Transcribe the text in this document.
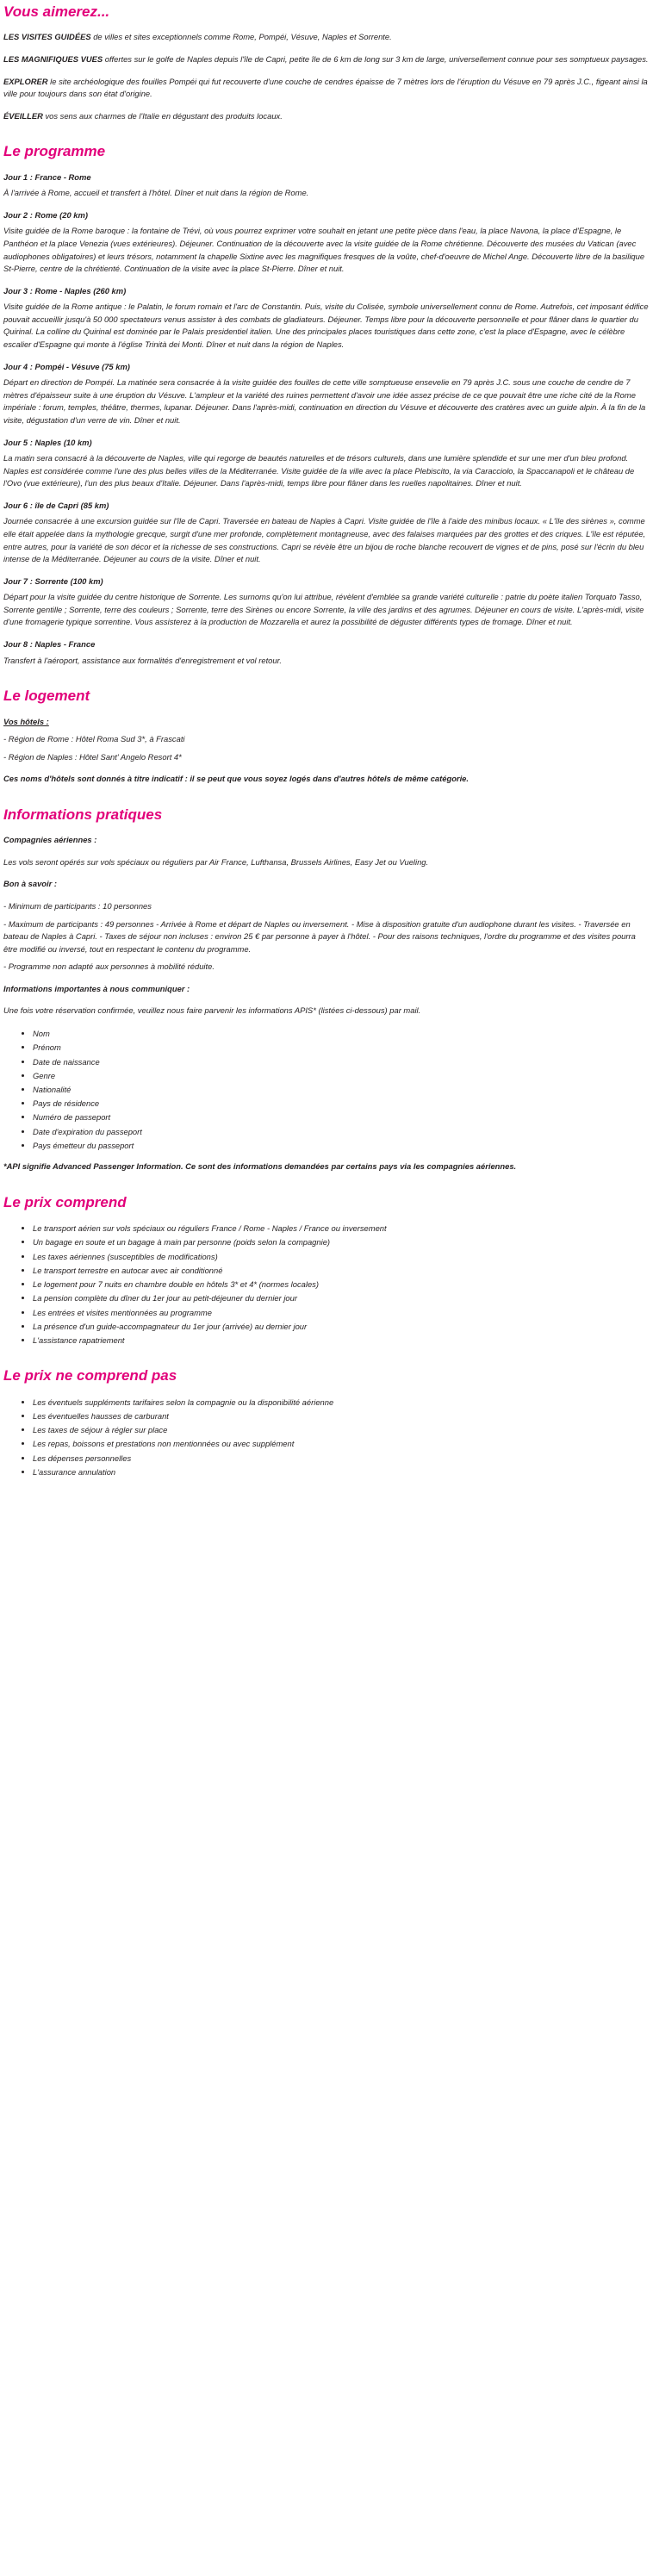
Vous aimerez...

LES VISITES GUIDÉES de villes et sites exceptionnels comme Rome, Pompéi, Vésuve, Naples et Sorrente.

LES MAGNIFIQUES VUES offertes sur le golfe de Naples depuis l'île de Capri, petite île de 6 km de long sur 3 km de large, universellement connue pour ses somptueux paysages.

EXPLORER le site archéologique des fouilles Pompéi qui fut recouverte d'une couche de cendres épaisse de 7 mètres lors de l'éruption du Vésuve en 79 après J.C., figeant ainsi la ville pour toujours dans son état d'origine.

ÉVEILLER vos sens aux charmes de l'Italie en dégustant des produits locaux.

Le programme

Jour 1 : France - Rome

À l'arrivée à Rome, accueil et transfert à l'hôtel. Dîner et nuit dans la région de Rome.

Jour 2 : Rome (20 km)

Visite guidée de la Rome baroque : la fontaine de Trévi, où vous pourrez exprimer votre souhait en jetant une petite pièce dans l'eau, la place Navona, la place d'Espagne, le Panthéon et la place Venezia (vues extérieures). Déjeuner. Continuation de la découverte avec la visite guidée de la Rome chrétienne. Découverte des musées du Vatican (avec audiophones obligatoires) et leurs trésors, notamment la chapelle Sixtine avec les magnifiques fresques de la voûte, chef-d'oeuvre de Michel Ange. Découverte libre de la basilique St-Pierre, centre de la chrétienté. Continuation de la visite avec la place St-Pierre. Dîner et nuit.

Jour 3 : Rome - Naples (260 km)

Visite guidée de la Rome antique : le Palatin, le forum romain et l'arc de Constantin. Puis, visite du Colisée, symbole universellement connu de Rome. Autrefois, cet imposant édifice pouvait accueillir jusqu'à 50 000 spectateurs venus assister à des combats de gladiateurs. Déjeuner. Temps libre pour la découverte personnelle et pour flâner dans le quartier du Quirinal. La colline du Quirinal est dominée par le Palais presidentiel italien. Une des principales places touristiques dans cette zone, c'est la place d'Espagne, avec le célèbre escalier d'Espagne qui monte à l'église Trinità dei Monti. Dîner et nuit dans la région de Naples.

Jour 4 : Pompéi - Vésuve (75 km)

Départ en direction de Pompéi. La matinée sera consacrée à la visite guidée des fouilles de cette ville somptueuse ensevelie en 79 après J.C. sous une couche de cendre de 7 mètres d'épaisseur suite à une éruption du Vésuve. L'ampleur et la variété des ruines permettent d'avoir une idée assez précise de ce que pouvait être une riche cité de la Rome impériale : forum, temples, théâtre, thermes, lupanar. Déjeuner. Dans l'après-midi, continuation en direction du Vésuve et découverte des cratères avec un guide alpin. À la fin de la visite, dégustation d'un verre de vin. Dîner et nuit.

Jour 5 : Naples (10 km)

La matin sera consacré à la découverte de Naples, ville qui regorge de beautés naturelles et de trésors culturels, dans une lumière splendide et sur une mer d'un bleu profond. Naples est considérée comme l'une des plus belles villes de la Méditerranée. Visite guidée de la ville avec la place Plebiscito, la via Caracciolo, la Spaccanapoli et le château de l'Ovo (vue extérieure), l'un des plus beaux d'Italie. Déjeuner. Dans l'après-midi, temps libre pour flâner dans les ruelles napolitaines. Dîner et nuit.

Jour 6 : île de Capri (85 km)

Journée consacrée à une excursion guidée sur l'île de Capri. Traversée en bateau de Naples à Capri. Visite guidée de l'île à l'aide des minibus locaux. « L'île des sirènes », comme elle était appelée dans la mythologie grecque, surgit d'une mer profonde, complètement montagneuse, avec des falaises marquées par des grottes et des criques. L'île est réputée, entre autres, pour la variété de son décor et la richesse de ses constructions. Capri se révèle être un bijou de roche blanche recouvert de vignes et de pins, posé sur l'écrin du bleu intense de la Méditerranée. Déjeuner au cours de la visite. Dîner et nuit.

Jour 7 : Sorrente (100 km)

Départ pour la visite guidée du centre historique de Sorrente. Les surnoms qu'on lui attribue, révèlent d'emblée sa grande variété culturelle : patrie du poète italien Torquato Tasso, Sorrente gentille ; Sorrente, terre des couleurs ; Sorrente, terre des Sirènes ou encore Sorrente, la ville des jardins et des agrumes. Déjeuner en cours de visite. L'après-midi, visite d'une fromagerie typique sorrentine. Vous assisterez à la production de Mozzarella et aurez la possibilité de déguster différents types de fromage. Dîner et nuit.

Jour 8 : Naples - France

Transfert à l'aéroport, assistance aux formalités d'enregistrement et vol retour.

Le logement

Vos hôtels :

- Région de Rome : Hôtel Roma Sud 3*, à Frascati

- Région de Naples : Hôtel Sant' Angelo Resort 4*

Ces noms d'hôtels sont donnés à titre indicatif : il se peut que vous soyez logés dans d'autres hôtels de même catégorie.

Informations pratiques

Compagnies aériennes :

Les vols seront opérés sur vols spéciaux ou réguliers par Air France, Lufthansa, Brussels Airlines, Easy Jet ou Vueling.

Bon à savoir :

- Minimum de participants : 10 personnes

- Maximum de participants : 49 personnes - Arrivée à Rome et départ de Naples ou inversement. - Mise à disposition gratuite d'un audiophone durant les visites. - Traversée en bateau de Naples à Capri. - Taxes de séjour non incluses : environ 25 € par personne à payer à l'hôtel. - Pour des raisons techniques, l'ordre du programme et des visites pourra être modifié ou inversé, tout en respectant le contenu du programme.

- Programme non adapté aux personnes à mobilité réduite.

Informations importantes à nous communiquer :

Une fois votre réservation confirmée, veuillez nous faire parvenir les informations APIS* (listées ci-dessous) par mail.

• Nom
• Prénom
• Date de naissance
• Genre
• Nationalité
• Pays de résidence
• Numéro de passeport
• Date d'expiration du passeport
• Pays émetteur du passeport

*API signifie Advanced Passenger Information. Ce sont des informations demandées par certains pays via les compagnies aériennes.

Le prix comprend
• Le transport aérien sur vols spéciaux ou réguliers France / Rome - Naples / France ou inversement
• Un bagage en soute et un bagage à main par personne (poids selon la compagnie)
• Les taxes aériennes (susceptibles de modifications)
• Le transport terrestre en autocar avec air conditionné
• Le logement pour 7 nuits en chambre double en hôtels 3* et 4* (normes locales)
• La pension complète du dîner du 1er jour au petit-déjeuner du dernier jour
• Les entrées et visites mentionnées au programme
• La présence d'un guide-accompagnateur du 1er jour (arrivée) au dernier jour
• L'assistance rapatriement
Le prix ne comprend pas
• Les éventuels suppléments tarifaires selon la compagnie ou la disponibilité aérienne
• Les éventuelles hausses de carburant
• Les taxes de séjour à régler sur place
• Les repas, boissons et prestations non mentionnées ou avec supplément
• Les dépenses personnelles
• L'assurance annulation
